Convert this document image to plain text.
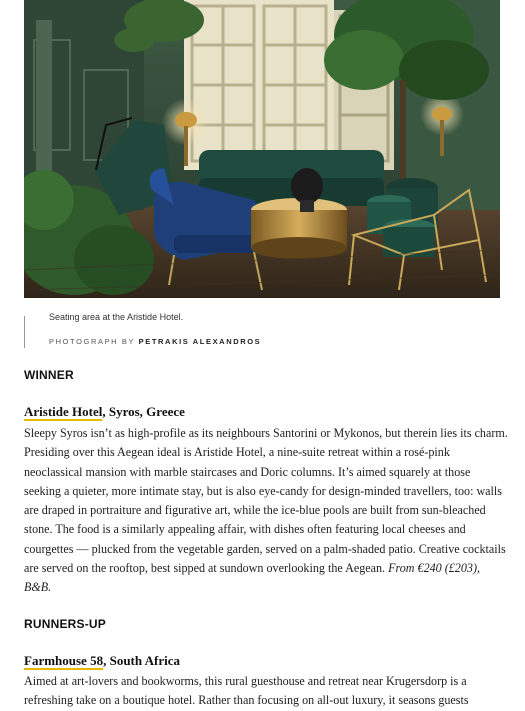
Seating area at the Aristide Hotel.
PHOTOGRAPH BY PETRAKIS ALEXANDROS
WINNER
Aristide Hotel, Syros, Greece

Sleepy Syros isn’t as high-profile as its neighbours Santorini or Mykonos, but therein lies its charm. Presiding over this Aegean ideal is Aristide Hotel, a nine-suite retreat within a rosé-pink neoclassical mansion with marble staircases and Doric columns. It’s aimed squarely at those seeking a quieter, more intimate stay, but is also eye-candy for design-minded travellers, too: walls are draped in portraiture and figurative art, while the ice-blue pools are built from sun-bleached stone. The food is a similarly appealing affair, with dishes often featuring local cheeses and courgettes — plucked from the vegetable garden, served on a palm-shaded patio. Creative cocktails are served on the rooftop, best sipped at sundown overlooking the Aegean. From €240 (£203), B&B.

RUNNERS-UP
Farmhouse 58, South Africa

Aimed at art-lovers and bookworms, this rural guesthouse and retreat near Krugersdorp is a refreshing take on a boutique hotel. Rather than focusing on all-out luxury, it seasons guests
